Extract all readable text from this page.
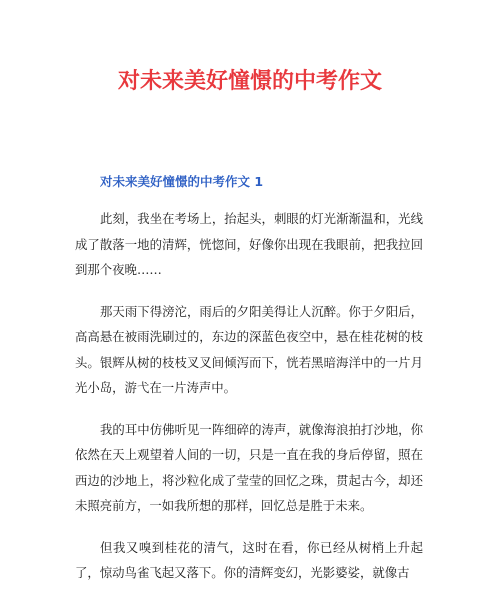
对未来美好憧憬的中考作文
对未来美好憧憬的中考作文 1

此刻，我坐在考场上，抬起头，刺眼的灯光渐渐温和，光线成了散落一地的清辉，恍惚间，好像你出现在我眼前，把我拉回到那个夜晚……

那天雨下得滂沱，雨后的夕阳美得让人沉醉。你于夕阳后，高高悬在被雨洗刷过的，东边的深蓝色夜空中，悬在桂花树的枝头。银辉从树的枝枝叉叉间倾泻而下，恍若黑暗海洋中的一片月光小岛，游弋在一片涛声中。

我的耳中仿佛听见一阵细碎的涛声，就像海浪拍打沙地，你依然在天上观望着人间的一切，只是一直在我的身后停留，照在西边的沙地上，将沙粒化成了莹莹的回忆之珠，贯起古今，却还未照亮前方，一如我所想的那样，回忆总是胜于未来。

但我又嗅到桂花的清气，这时在看，你已经从树梢上升起了，惊动鸟雀飞起又落下。你的清辉变幻，光影婆娑，就像古
